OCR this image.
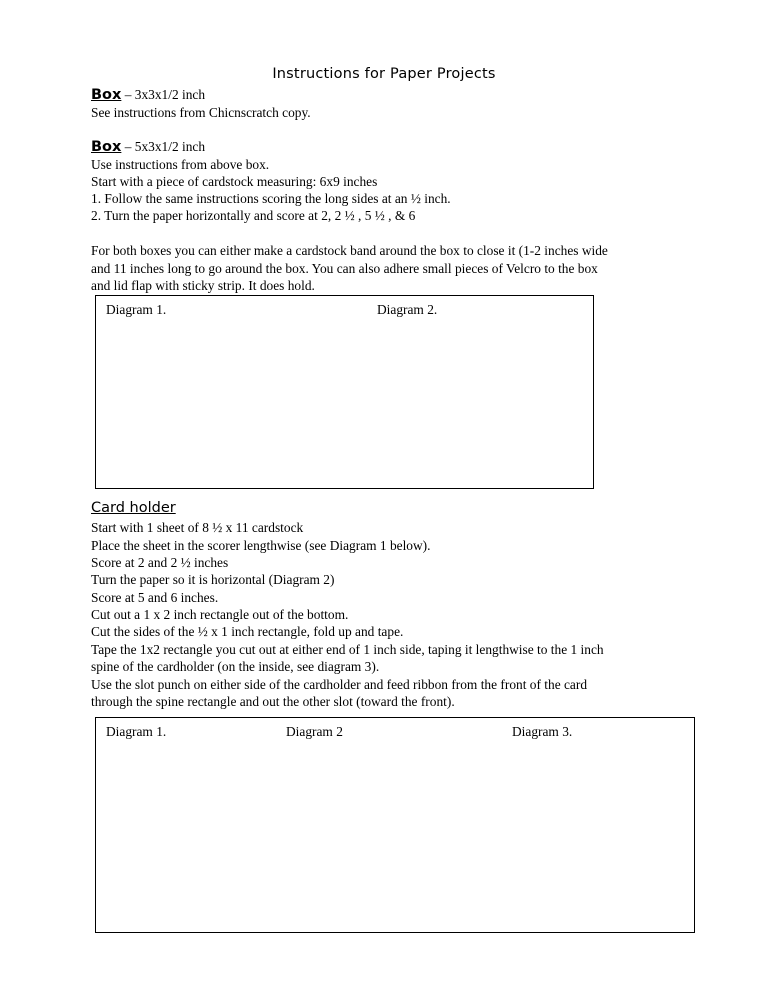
Instructions for Paper Projects
Box – 3x3x1/2 inch
See instructions from Chicnscratch copy.
Box – 5x3x1/2 inch
Use instructions from above box.
Start with a piece of cardstock measuring: 6x9 inches
1. Follow the same instructions scoring the long sides at an ½ inch.
2. Turn the paper horizontally and score at 2, 2 ½ , 5 ½ , & 6
For both boxes you can either make a cardstock band around the box to close it (1-2 inches wide
and 11 inches long to go around the box. You can also adhere small pieces of Velcro to the box
and lid flap with sticky strip. It does hold.
Diagram 1.	Diagram 2.
Card holder
Start with 1 sheet of 8 ½ x 11 cardstock
Place the sheet in the scorer lengthwise (see Diagram 1 below).
Score at 2 and 2 ½ inches
Turn the paper so it is horizontal (Diagram 2)
Score at 5 and 6 inches.
Cut out a 1 x 2 inch rectangle out of the bottom.
Cut the sides of the ½ x 1 inch rectangle, fold up and tape.
Tape the 1x2 rectangle you cut out at either end of 1 inch side, taping it lengthwise to the 1 inch
spine of the cardholder (on the inside, see diagram 3).
Use the slot punch on either side of the cardholder and feed ribbon from the front of the card
through the spine rectangle and out the other slot (toward the front).
Diagram 1.	Diagram 2	Diagram 3.
